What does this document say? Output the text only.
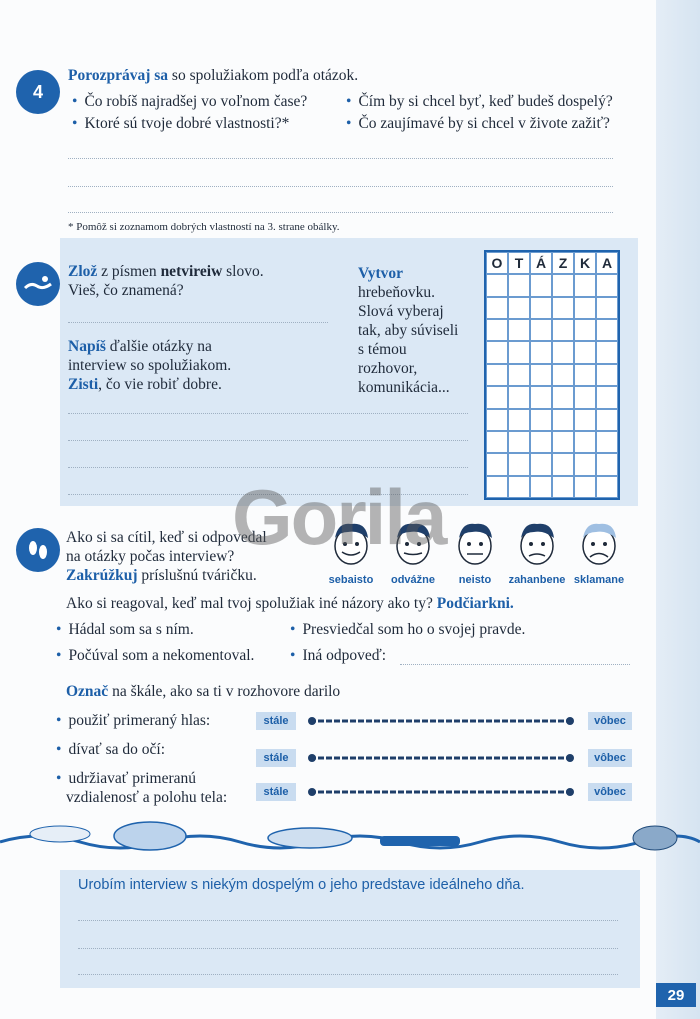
4
Porozprávaj sa so spolužiakom podľa otázok.
• Čo robíš najradšej vo voľnom čase?	• Čím by si chcel byť, keď budeš dospelý?
• Ktoré sú tvoje dobré vlastnosti?*	• Čo zaujímavé by si chcel v živote zažiť?
* Pomôž si zoznamom dobrých vlastností na 3. strane obálky.
Zlož z písmen netvireiw slovo.
Vieš, čo znamená?
Napíš ďalšie otázky na
interview so spolužiakom.
Zisti, čo vie robiť dobre.
Vytvor
hrebeňovku.
Slová vyberaj
tak, aby súviseli
s témou
rozhovor,
komunikácia...
O T Á Z K A
Ako si sa cítil, keď si odpovedal
na otázky počas interview?
Zakrúžkuj príslušnú tváričku.	sebaisto	odvážne	neisto	zahanbene sklamane
Ako si reagoval, keď mal tvoj spolužiak iné názory ako ty? Podčiarkni.
• Hádal som sa s ním.	• Presviedčal som ho o svojej pravde.
• Počúval som a nekomentoval.	• Iná odpoveď:
Označ na škále, ako sa ti v rozhovore darilo
• použiť primeraný hlas:
• dívať sa do očí:
• udržiavať primeranú
vzdialenosť a polohu tela:
stále	vôbec
stále	vôbec
stále	vôbec
Urobím interview s niekým dospelým o jeho predstave ideálneho dňa.
Gorila
29
